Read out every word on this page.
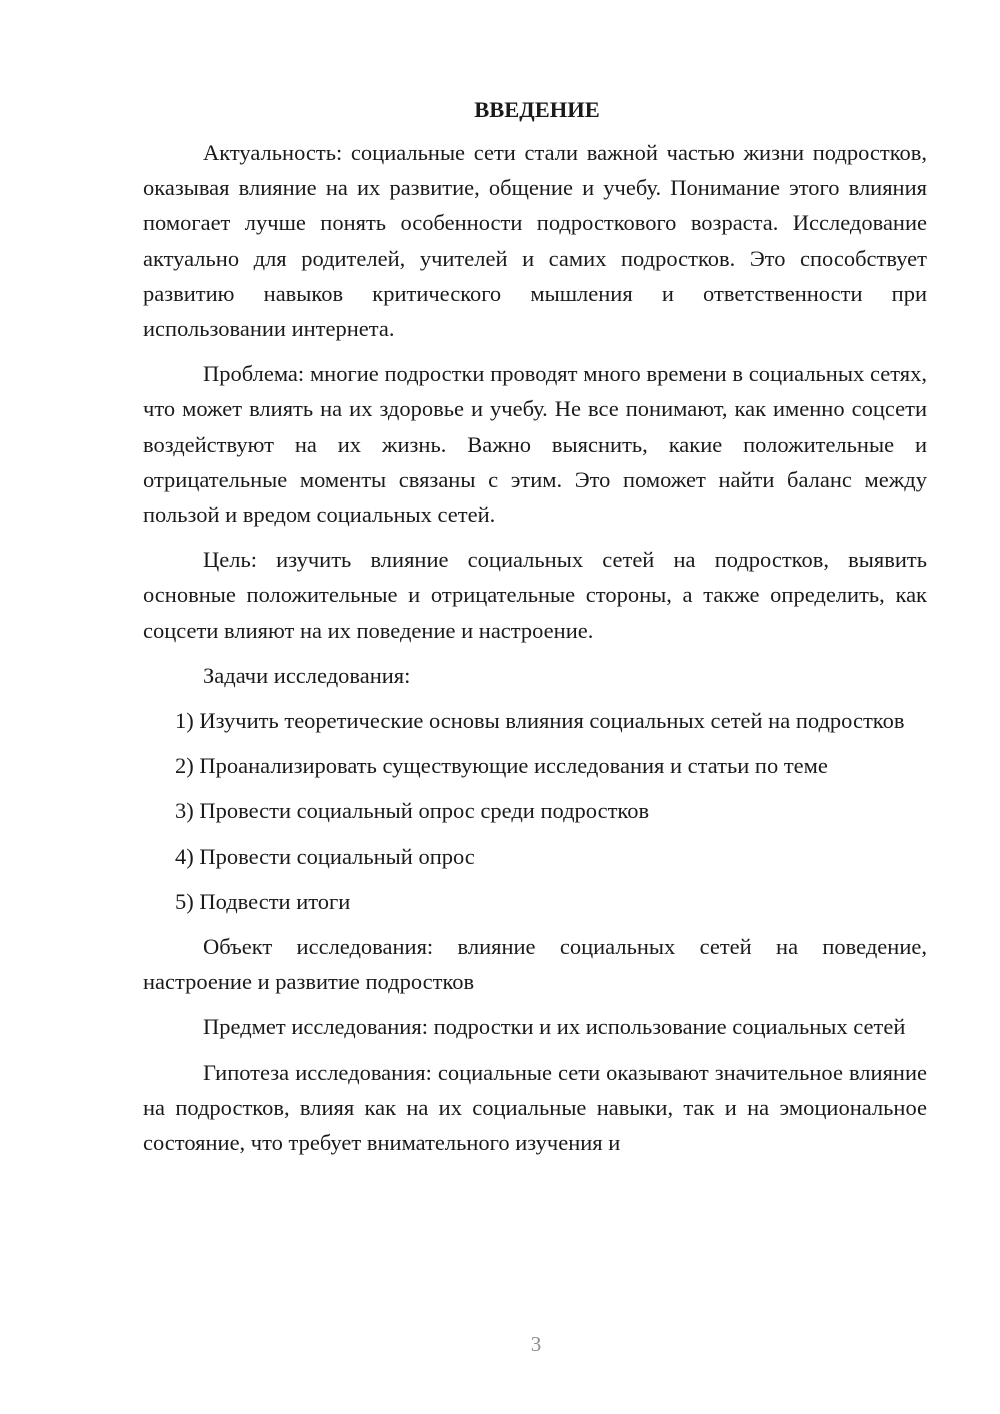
ВВЕДЕНИЕ

Актуальность: социальные сети стали важной частью жизни подростков, оказывая влияние на их развитие, общение и учебу. Понимание этого влияния помогает лучше понять особенности подросткового возраста. Исследование актуально для родителей, учителей и самих подростков. Это способствует развитию навыков критического мышления и ответственности при использовании интернета.

Проблема: многие подростки проводят много времени в социальных сетях, что может влиять на их здоровье и учебу. Не все понимают, как именно соцсети воздействуют на их жизнь. Важно выяснить, какие положительные и отрицательные моменты связаны с этим. Это поможет найти баланс между пользой и вредом социальных сетей.

Цель: изучить влияние социальных сетей на подростков, выявить основные положительные и отрицательные стороны, а также определить, как соцсети влияют на их поведение и настроение.

Задачи исследования:

1) Изучить теоретические основы влияния социальных сетей на подростков

2) Проанализировать существующие исследования и статьи по теме

3) Провести социальный опрос среди подростков

4) Провести социальный опрос

5) Подвести итоги

Объект исследования: влияние социальных сетей на поведение, настроение и развитие подростков

Предмет исследования: подростки и их использование социальных сетей

Гипотеза исследования: социальные сети оказывают значительное влияние на подростков, влияя как на их социальные навыки, так и на эмоциональное состояние, что требует внимательного изучения и

3
